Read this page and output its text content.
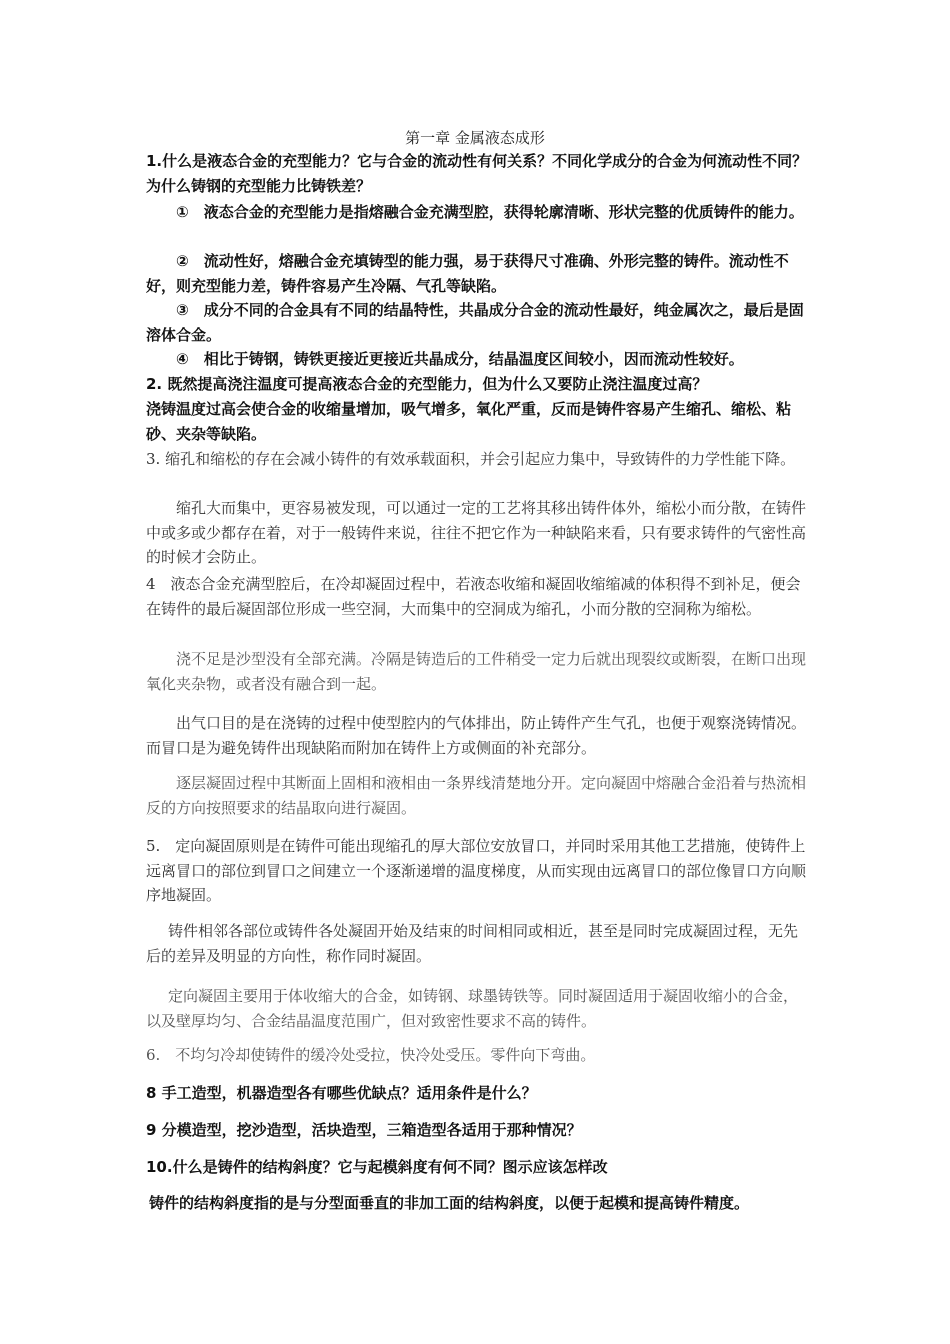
第一章 金属液态成形
1.什么是液态合金的充型能力？它与合金的流动性有何关系？不同化学成分的合金为何流动性不同？为什么铸钢的充型能力比铸铁差？
①　液态合金的充型能力是指熔融合金充满型腔，获得轮廓清晰、形状完整的优质铸件的能力。
②　流动性好，熔融合金充填铸型的能力强，易于获得尺寸准确、外形完整的铸件。流动性不好，则充型能力差，铸件容易产生冷隔、气孔等缺陷。
③　成分不同的合金具有不同的结晶特性，共晶成分合金的流动性最好，纯金属次之，最后是固溶体合金。
④　相比于铸钢，铸铁更接近更接近共晶成分，结晶温度区间较小，因而流动性较好。
2. 既然提高浇注温度可提高液态合金的充型能力，但为什么又要防止浇注温度过高？
浇铸温度过高会使合金的收缩量增加，吸气增多，氧化严重，反而是铸件容易产生缩孔、缩松、粘砂、夹杂等缺陷。
3. 缩孔和缩松的存在会减小铸件的有效承载面积，并会引起应力集中，导致铸件的力学性能下降。
缩孔大而集中，更容易被发现，可以通过一定的工艺将其移出铸件体外，缩松小而分散，在铸件中或多或少都存在着，对于一般铸件来说，往往不把它作为一种缺陷来看，只有要求铸件的气密性高的时候才会防止。
4　液态合金充满型腔后，在冷却凝固过程中，若液态收缩和凝固收缩缩减的体积得不到补足，便会在铸件的最后凝固部位形成一些空洞，大而集中的空洞成为缩孔，小而分散的空洞称为缩松。
浇不足是沙型没有全部充满。冷隔是铸造后的工件稍受一定力后就出现裂纹或断裂，在断口出现氧化夹杂物，或者没有融合到一起。
出气口目的是在浇铸的过程中使型腔内的气体排出，防止铸件产生气孔，也便于观察浇铸情况。而冒口是为避免铸件出现缺陷而附加在铸件上方或侧面的补充部分。
逐层凝固过程中其断面上固相和液相由一条界线清楚地分开。定向凝固中熔融合金沿着与热流相反的方向按照要求的结晶取向进行凝固。
5.　定向凝固原则是在铸件可能出现缩孔的厚大部位安放冒口，并同时采用其他工艺措施，使铸件上远离冒口的部位到冒口之间建立一个逐渐递增的温度梯度，从而实现由远离冒口的部位像冒口方向顺序地凝固。
铸件相邻各部位或铸件各处凝固开始及结束的时间相同或相近，甚至是同时完成凝固过程，无先后的差异及明显的方向性，称作同时凝固。
定向凝固主要用于体收缩大的合金，如铸钢、球墨铸铁等。同时凝固适用于凝固收缩小的合金，以及壁厚均匀、合金结晶温度范围广，但对致密性要求不高的铸件。
6.　不均匀冷却使铸件的缓冷处受拉，快冷处受压。零件向下弯曲。
8 手工造型，机器造型各有哪些优缺点？适用条件是什么？
9 分模造型，挖沙造型，活块造型，三箱造型各适用于那种情况？
10.什么是铸件的结构斜度？它与起模斜度有何不同？图示应该怎样改
铸件的结构斜度指的是与分型面垂直的非加工面的结构斜度，以便于起模和提高铸件精度。
